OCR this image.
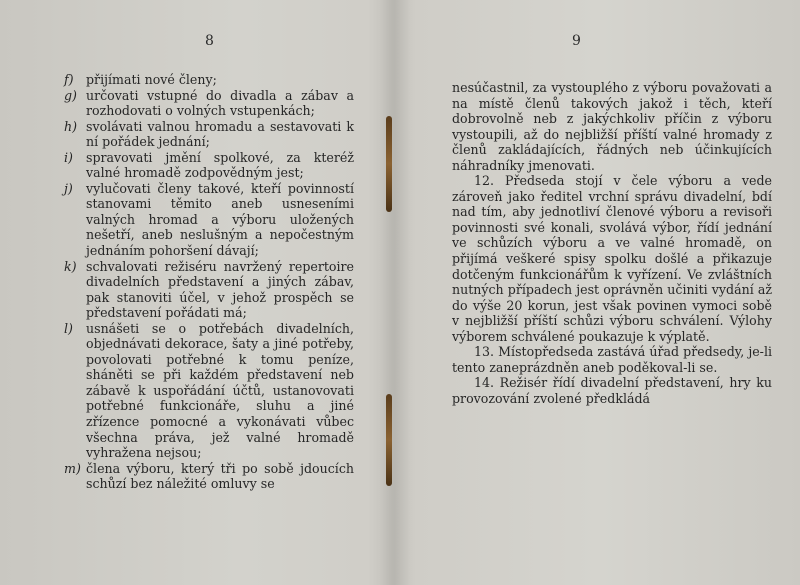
8
f) přijímati nové členy;
g) určovati vstupné do divadla a zábav a rozhodovati o volných vstupenkách;
h) svolávati valnou hromadu a sestavovati k ní pořádek jednání;
i)	spravovati jmění spolkové, za kteréž valné hromadě zodpovědným jest;
j)	vylučovati členy takové, kteří povinností stanovami těmito aneb usneseními valných hromad a výboru uložených nešetří, aneb neslušným a nepočestným jednáním pohoršení dávají;
k) schvalovati režiséru navržený repertoire divadelních představení a jiných zábav, pak stanoviti účel, v jehož prospěch se představení pořádati má;
l)	usnášeti se o potřebách divadelních, objednávati dekorace, šaty a jiné potřeby, povolovati potřebné k tomu peníze, sháněti se při každém představení neb zábavě k uspořádání účtů, ustanovovati potřebné funkcionáře, sluhu a jiné zřízence pomocné a vykonávati vůbec všechna práva, jež valné hromadě vyhražena nejsou;
m) člena výboru, který tři po sobě jdoucích schůzí bez náležité omluvy se
9

nesúčastnil, za vystouplého z výboru považovati a na místě členů takových jakož i těch, kteří dobrovolně neb z jakýchkoliv příčin z výboru vystoupili, až do nejbližší příští valné hromady z členů zakládajících, řádných neb účinkujících náhradníky jmenovati.

12. Předseda stojí v čele výboru a vede zároveň jako ředitel vrchní správu divadelní, bdí nad tím, aby jednotliví členové výboru a revisoři povinnosti své konali, svolává výbor, řídí jednání ve schůzích výboru a ve valné hromadě, on přijímá veškeré spisy spolku došlé a přikazuje dotčeným funkcionářům k vyřízení. Ve zvláštních nutných případech jest oprávněn učiniti vydání až do výše 20 korun, jest však povinen vymoci sobě v nejbližší příští schůzi výboru schválení. Výlohy výborem schválené poukazuje k výplatě.

13. Místopředseda zastává úřad předsedy, je-li tento zaneprázdněn aneb poděkoval-li se.

14. Režisér řídí divadelní představení, hry ku provozování zvolené předkládá
